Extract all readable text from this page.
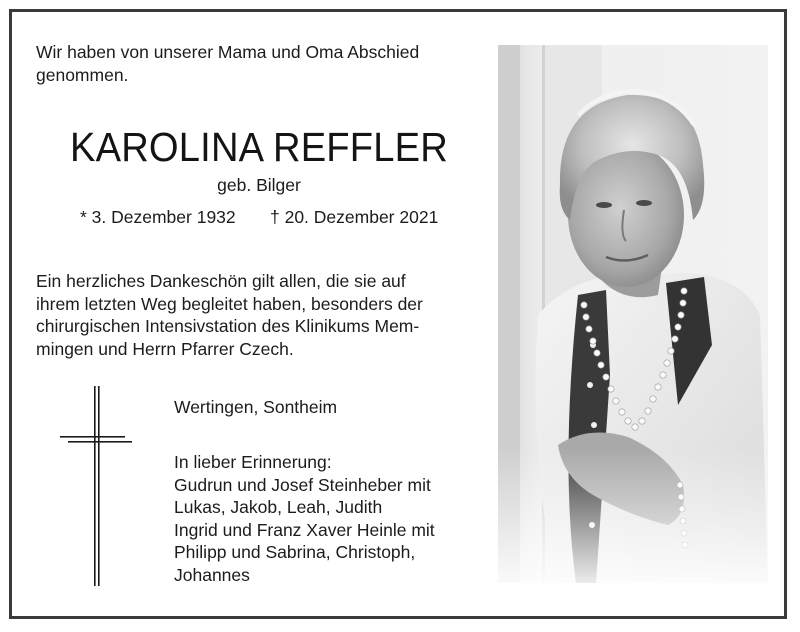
Wir haben von unserer Mama und Oma Abschied
genommen.
KAROLINA REFFLER
geb. Bilger
* 3. Dezember 1932 † 20. Dezember 2021
Ein herzliches Dankeschön gilt allen, die sie auf
ihrem letzten Weg begleitet haben, besonders der
chirurgischen Intensivstation des Klinikums Mem-
mingen und Herrn Pfarrer Czech.
Wertingen, Sontheim
In lieber Erinnerung:
Gudrun und Josef Steinheber mit
Lukas, Jakob, Leah, Judith
Ingrid und Franz Xaver Heinle mit
Philipp und Sabrina, Christoph,
Johannes
